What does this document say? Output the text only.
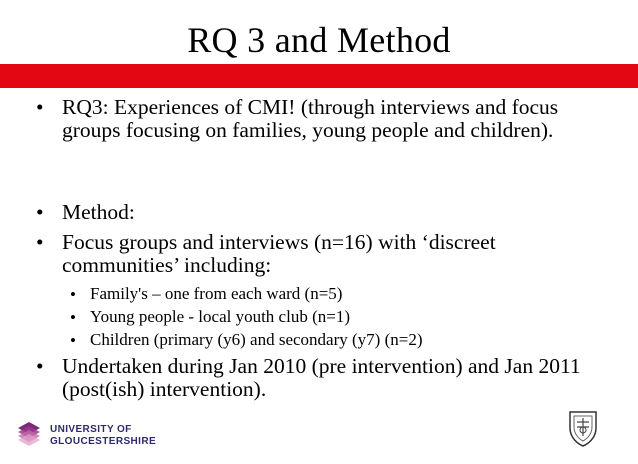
RQ 3 and Method
• RQ3: Experiences of CMI! (through interviews and focus groups focusing on families, young people and children).
• Method:
• Focus groups and interviews (n=16) with ‘discreet communities’ including:
• Family's – one from each ward (n=5)
• Young people - local youth club (n=1)
• Children (primary (y6) and secondary (y7) (n=2)
• Undertaken during Jan 2010 (pre intervention) and Jan 2011 (post(ish) intervention).
UNIVERSITY OF
GLOUCESTERSHIRE
